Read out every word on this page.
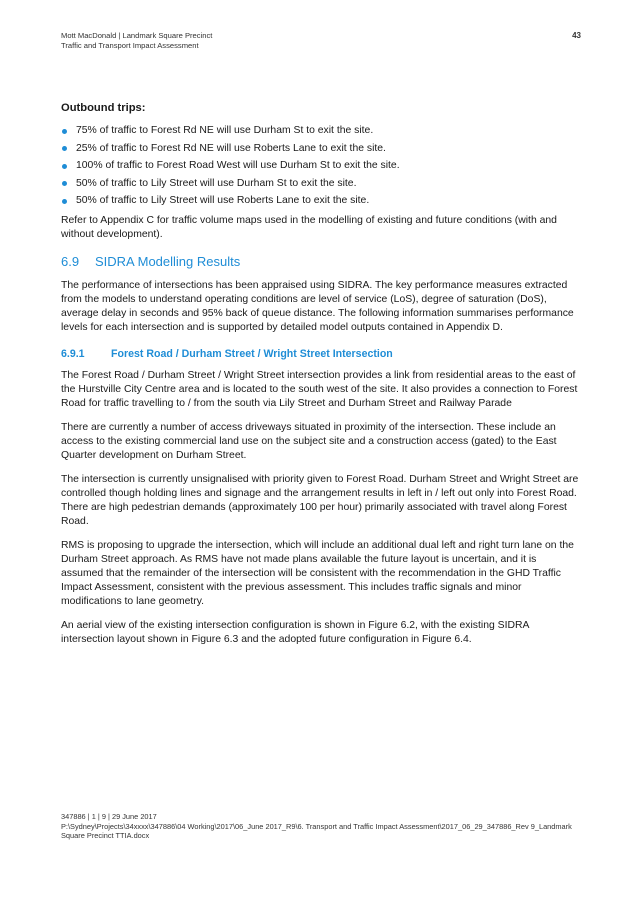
Mott MacDonald | Landmark Square Precinct
Traffic and Transport Impact Assessment
43
Outbound trips:
75% of traffic to Forest Rd NE will use Durham St to exit the site.
25% of traffic to Forest Rd NE will use Roberts Lane to exit the site.
100% of traffic to Forest Road West will use Durham St to exit the site.
50% of traffic to Lily Street will use Durham St to exit the site.
50% of traffic to Lily Street will use Roberts Lane to exit the site.

Refer to Appendix C for traffic volume maps used in the modelling of existing and future conditions (with and without development).

6.9 SIDRA Modelling Results

The performance of intersections has been appraised using SIDRA. The key performance measures extracted from the models to understand operating conditions are level of service (LoS), degree of saturation (DoS), average delay in seconds and 95% back of queue distance. The following information summarises performance levels for each intersection and is supported by detailed model outputs contained in Appendix D.

6.9.1 Forest Road / Durham Street / Wright Street Intersection

The Forest Road / Durham Street / Wright Street intersection provides a link from residential areas to the east of the Hurstville City Centre area and is located to the south west of the site. It also provides a connection to Forest Road for traffic travelling to / from the south via Lily Street and Durham Street and Railway Parade

There are currently a number of access driveways situated in proximity of the intersection. These include an access to the existing commercial land use on the subject site and a construction access (gated) to the East Quarter development on Durham Street.

The intersection is currently unsignalised with priority given to Forest Road. Durham Street and Wright Street are controlled though holding lines and signage and the arrangement results in left in / left out only into Forest Road. There are high pedestrian demands (approximately 100 per hour) primarily associated with travel along Forest Road.

RMS is proposing to upgrade the intersection, which will include an additional dual left and right turn lane on the Durham Street approach. As RMS have not made plans available the future layout is uncertain, and it is assumed that the remainder of the intersection will be consistent with the recommendation in the GHD Traffic Impact Assessment, consistent with the previous assessment. This includes traffic signals and minor modifications to lane geometry.

An aerial view of the existing intersection configuration is shown in Figure 6.2, with the existing SIDRA intersection layout shown in Figure 6.3 and the adopted future configuration in Figure 6.4.

347886 | 1 | 9 | 29 June 2017
P:\Sydney\Projects\34xxxx\347886\04 Working\2017\06_June 2017_R9\6. Transport and Traffic Impact Assessment\2017_06_29_347886_Rev 9_Landmark Square Precinct TTIA.docx
